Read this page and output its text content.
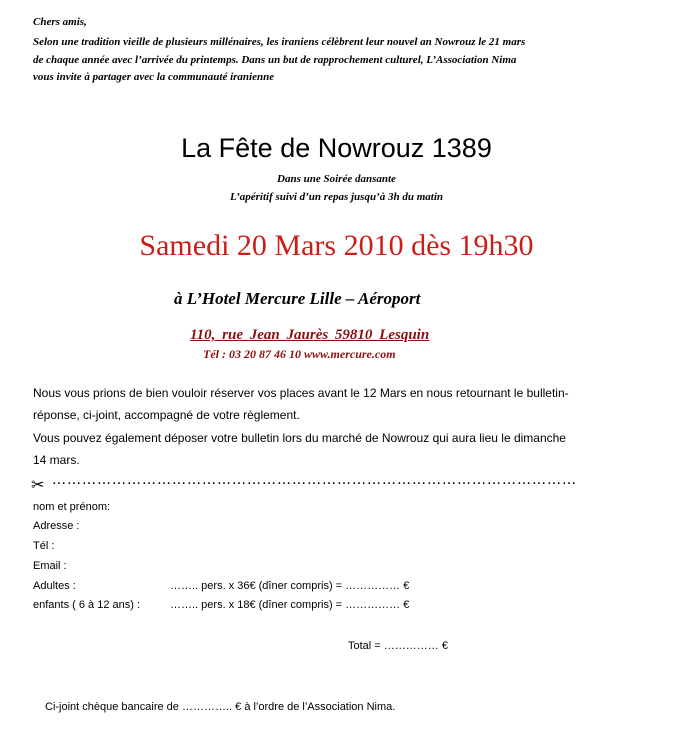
Chers amis,
Selon une tradition vieille de plusieurs millénaires, les iraniens célèbrent leur nouvel an Nowrouz le 21 mars
de chaque année avec l’arrivée du printemps. Dans un but de rapprochement culturel, L’Association Nima
vous invite à partager avec la communauté iranienne
La Fête de Nowrouz 1389
Dans une Soirée dansante
L’apéritif suivi d’un repas jusqu’à 3h du matin
Samedi 20 Mars 2010 dès 19h30
à L’Hotel Mercure Lille – Aéroport
110, rue Jean Jaurès 59810 Lesquin
Tél : 03 20 87 46 10 www.mercure.com
Nous vous prions de bien vouloir réserver vos places avant le 12 Mars en nous retournant le bulletin-
réponse, ci-joint, accompagné de votre règlement.
Vous pouvez également déposer votre bulletin lors du marché de Nowrouz qui aura lieu le dimanche
14 mars.
✂ ……………………………………………………………………………………………
nom et prénom:
Adresse :
Tél :
Email :
Adultes :	…….. pers. x 36€ (dîner compris) = …………… €
enfants ( 6 à 12 ans) :	…….. pers. x 18€ (dîner compris) = …………… €
Total = …………… €
Ci-joint chèque bancaire de ………….. € à l’ordre de l’Association Nima.
